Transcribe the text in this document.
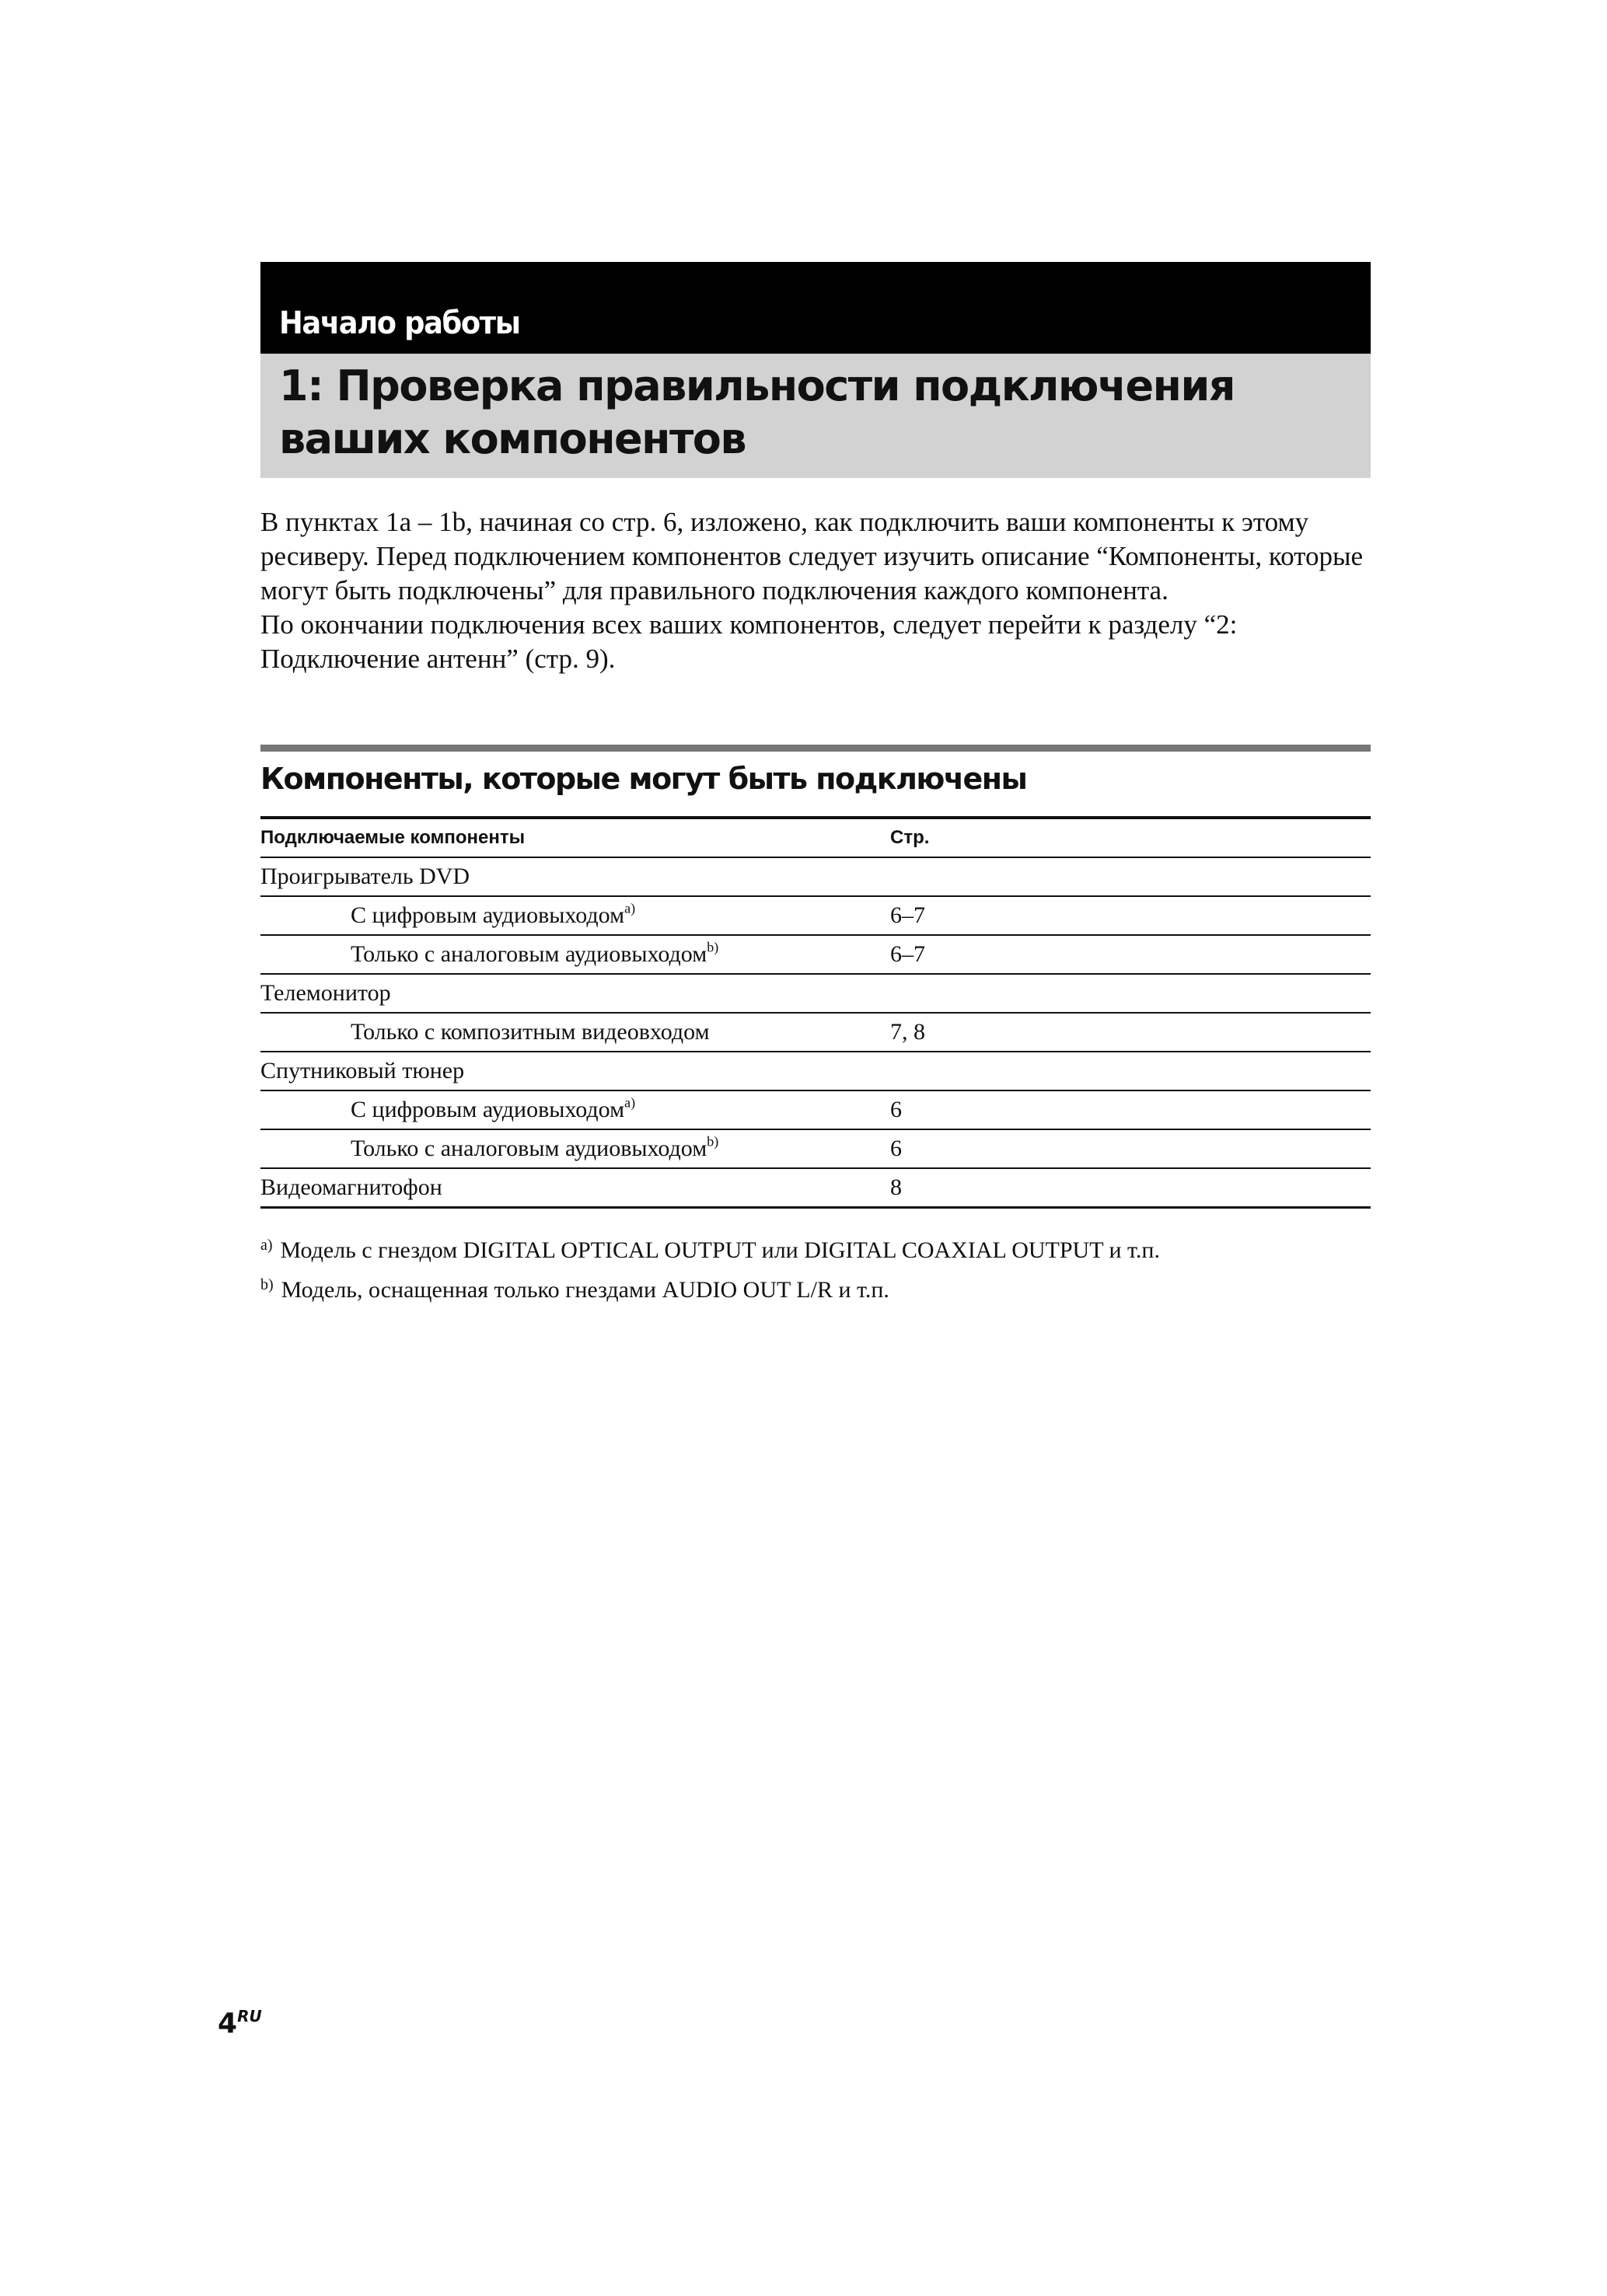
Начало работы
1: Проверка правильности подключения ваших компонентов

В пунктах 1a – 1b, начиная со стр. 6, изложено, как подключить ваши компоненты к этому ресиверу. Перед подключением компонентов следует изучить описание “Компоненты, которые могут быть подключены” для правильного подключения каждого компонента.

По окончании подключения всех ваших компонентов, следует перейти к разделу “2: Подключение антенн” (стр. 9).

Компоненты, которые могут быть подключены
Подключаемые компоненты	Стр.
Проигрыватель DVD	
С цифровым аудиовыходом$^{a)}$	6–7
Только с аналоговым аудиовыходом$^{b)}$	6–7
Телемонитор	
Только с композитным видеовходом	7, 8
Спутниковый тюнер	
С цифровым аудиовыходом$^{a)}$	6
Только с аналоговым аудиовыходом$^{b)}$	6
Видеомагнитофон	8
$^{a)}$ Модель с гнездом DIGITAL OPTICAL OUTPUT или DIGITAL COAXIAL OUTPUT и т.п.
$^{b)}$ Модель, оснащенная только гнездами AUDIO OUT L/R и т.п.
$4^{RU}$
